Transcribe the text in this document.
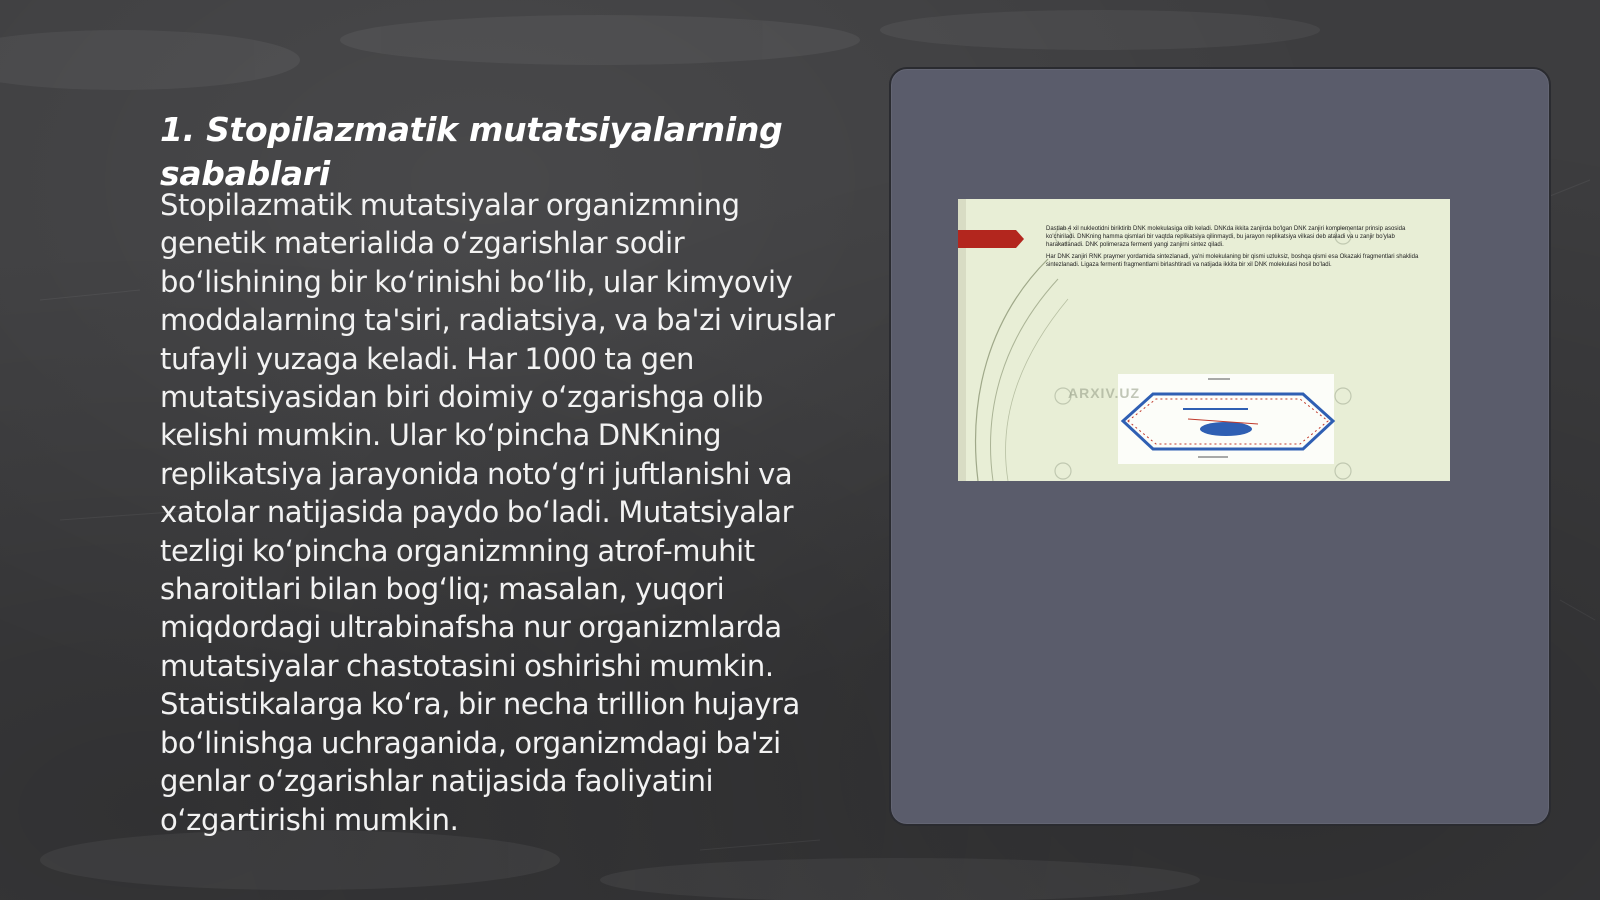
1. Stopilazmatik mutatsiyalarning sabablari

Stopilazmatik mutatsiyalar organizmning genetik materialida o‘zgarishlar sodir bo‘lishining bir ko‘rinishi bo‘lib, ular kimyoviy moddalarning ta'siri, radiatsiya, va ba'zi viruslar tufayli yuzaga keladi. Har 1000 ta gen mutatsiyasidan biri doimiy o‘zgarishga olib kelishi mumkin. Ular ko‘pincha DNKning replikatsiya jarayonida noto‘g‘ri juftlanishi va xatolar natijasida paydo bo‘ladi. Mutatsiyalar tezligi ko‘pincha organizmning atrof-muhit sharoitlari bilan bog‘liq; masalan, yuqori miqdordagi ultrabinafsha nur organizmlarda mutatsiyalar chastotasini oshirishi mumkin. Statistikalarga ko‘ra, bir necha trillion hujayra bo‘linishga uchraganida, organizmdagi ba'zi genlar o‘zgarishlar natijasida faoliyatini o‘zgartirishi mumkin.

Dastlab 4 xil nukleotidni biriktirib DNK molekulasiga olib keladi. DNKda ikkita zanjirda bo'lgan DNK zanjiri komplementar prinsip asosida ko'chiriladi. DNKning hamma qismlari bir vaqtda replikatsiya qilinmaydi, bu jarayon replikatsiya vilkasi deb ataladi va u zanjir bo'ylab harakatlanadi. DNK polimeraza fermenti yangi zanjirni sintez qiladi.
Har DNK zanjiri RNK praymer yordamida sintezlanadi, ya'ni molekulaning bir qismi uzluksiz, boshqa qismi esa Okazaki fragmentlari shaklida sintezlanadi. Ligaza fermenti fragmentlarni birlashtiradi va natijada ikkita bir xil DNK molekulasi hosil bo'ladi.
ARXIV.UZ
